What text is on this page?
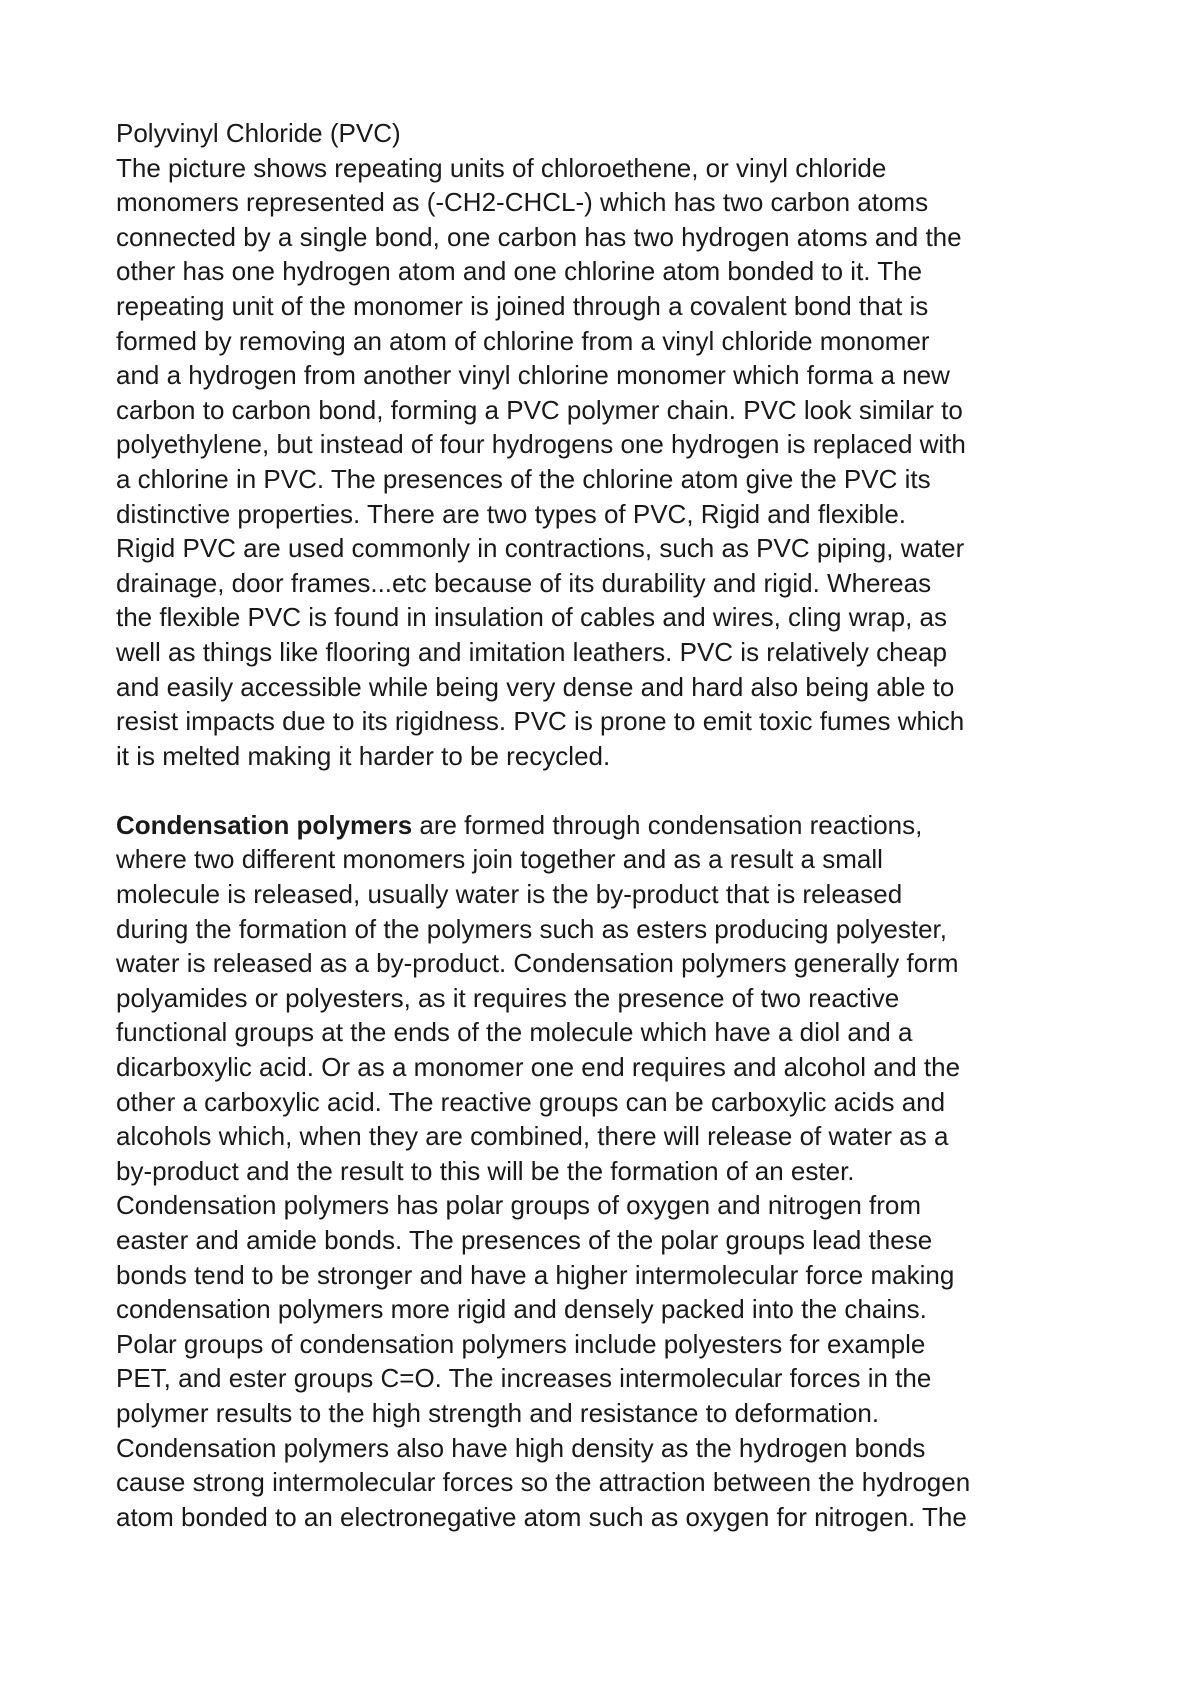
Polyvinyl Chloride (PVC)
The picture shows repeating units of chloroethene, or vinyl chloride
monomers represented as (-CH2-CHCL-) which has two carbon atoms
connected by a single bond, one carbon has two hydrogen atoms and the
other has one hydrogen atom and one chlorine atom bonded to it. The
repeating unit of the monomer is joined through a covalent bond that is
formed by removing an atom of chlorine from a vinyl chloride monomer
and a hydrogen from another vinyl chlorine monomer which forma a new
carbon to carbon bond, forming a PVC polymer chain. PVC look similar to
polyethylene, but instead of four hydrogens one hydrogen is replaced with
a chlorine in PVC. The presences of the chlorine atom give the PVC its
distinctive properties. There are two types of PVC, Rigid and flexible.
Rigid PVC are used commonly in contractions, such as PVC piping, water
drainage, door frames...etc because of its durability and rigid. Whereas
the flexible PVC is found in insulation of cables and wires, cling wrap, as
well as things like flooring and imitation leathers. PVC is relatively cheap
and easily accessible while being very dense and hard also being able to
resist impacts due to its rigidness. PVC is prone to emit toxic fumes which
it is melted making it harder to be recycled.
Condensation polymers are formed through condensation reactions,
where two different monomers join together and as a result a small
molecule is released, usually water is the by-product that is released
during the formation of the polymers such as esters producing polyester,
water is released as a by-product. Condensation polymers generally form
polyamides or polyesters, as it requires the presence of two reactive
functional groups at the ends of the molecule which have a diol and a
dicarboxylic acid. Or as a monomer one end requires and alcohol and the
other a carboxylic acid. The reactive groups can be carboxylic acids and
alcohols which, when they are combined, there will release of water as a
by-product and the result to this will be the formation of an ester.
Condensation polymers has polar groups of oxygen and nitrogen from
easter and amide bonds. The presences of the polar groups lead these
bonds tend to be stronger and have a higher intermolecular force making
condensation polymers more rigid and densely packed into the chains.
Polar groups of condensation polymers include polyesters for example
PET, and ester groups C=O. The increases intermolecular forces in the
polymer results to the high strength and resistance to deformation.
Condensation polymers also have high density as the hydrogen bonds
cause strong intermolecular forces so the attraction between the hydrogen
atom bonded to an electronegative atom such as oxygen for nitrogen. The
